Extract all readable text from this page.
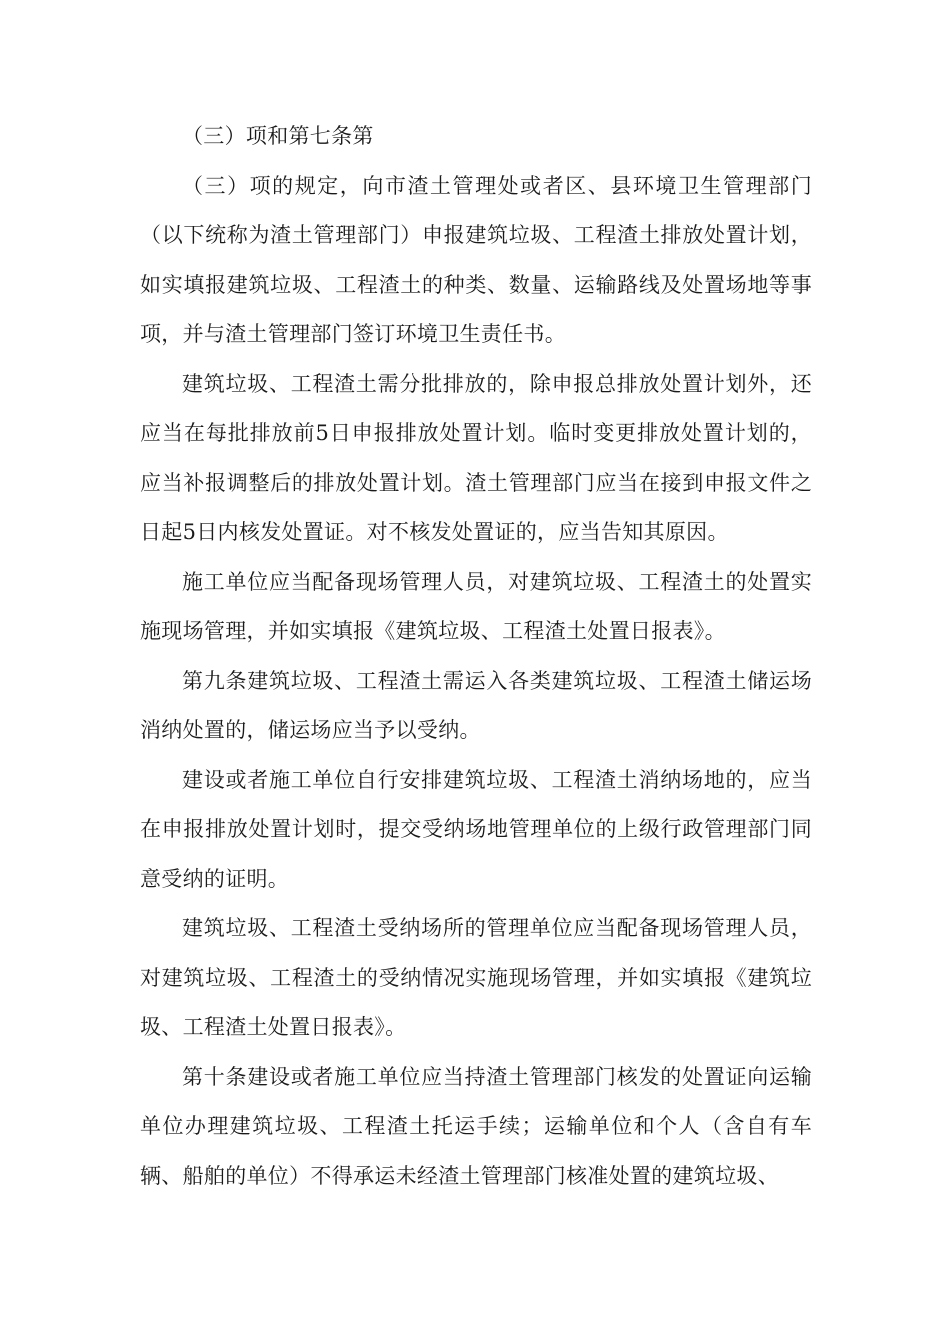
（三）项和第七条第

（三）项的规定，向市渣土管理处或者区、县环境卫生管理部门（以下统称为渣土管理部门）申报建筑垃圾、工程渣土排放处置计划，如实填报建筑垃圾、工程渣土的种类、数量、运输路线及处置场地等事项，并与渣土管理部门签订环境卫生责任书。

建筑垃圾、工程渣土需分批排放的，除申报总排放处置计划外，还应当在每批排放前5日申报排放处置计划。临时变更排放处置计划的，应当补报调整后的排放处置计划。渣土管理部门应当在接到申报文件之日起5日内核发处置证。对不核发处置证的，应当告知其原因。

施工单位应当配备现场管理人员，对建筑垃圾、工程渣土的处置实施现场管理，并如实填报《建筑垃圾、工程渣土处置日报表》。

第九条建筑垃圾、工程渣土需运入各类建筑垃圾、工程渣土储运场消纳处置的，储运场应当予以受纳。

建设或者施工单位自行安排建筑垃圾、工程渣土消纳场地的，应当在申报排放处置计划时，提交受纳场地管理单位的上级行政管理部门同意受纳的证明。

建筑垃圾、工程渣土受纳场所的管理单位应当配备现场管理人员，对建筑垃圾、工程渣土的受纳情况实施现场管理，并如实填报《建筑垃圾、工程渣土处置日报表》。

第十条建设或者施工单位应当持渣土管理部门核发的处置证向运输单位办理建筑垃圾、工程渣土托运手续；运输单位和个人（含自有车辆、船舶的单位）不得承运未经渣土管理部门核准处置的建筑垃圾、
